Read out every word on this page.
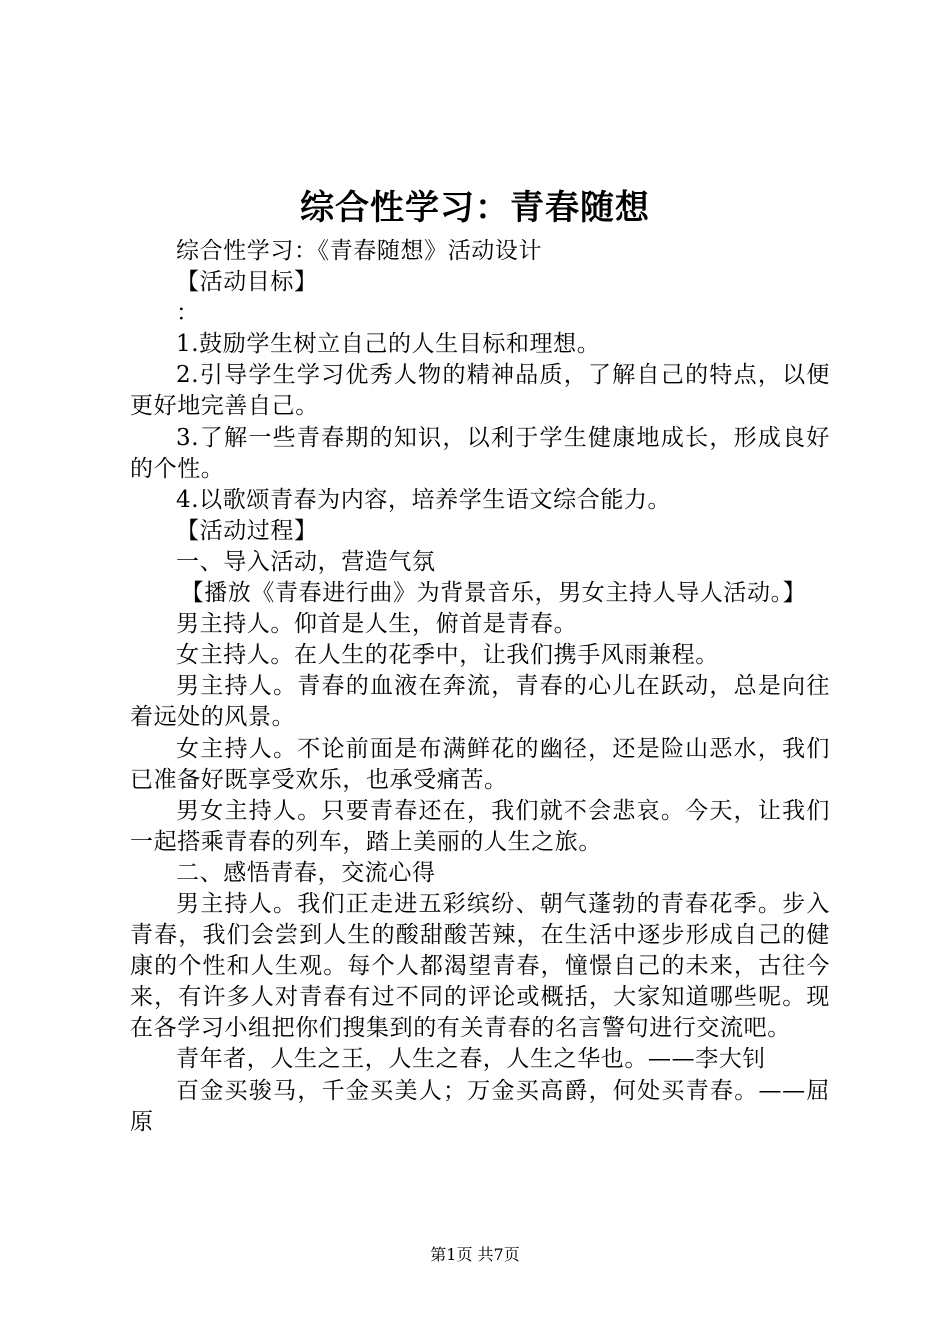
综合性学习：青春随想

综合性学习：《青春随想》活动设计

【活动目标】

：

1.鼓励学生树立自己的人生目标和理想。

2.引导学生学习优秀人物的精神品质，了解自己的特点，以便更好地完善自己。

3.了解一些青春期的知识，以利于学生健康地成长，形成良好的个性。

4.以歌颂青春为内容，培养学生语文综合能力。

【活动过程】

一、导入活动，营造气氛

【播放《青春进行曲》为背景音乐，男女主持人导人活动。】

男主持人。仰首是人生，俯首是青春。

女主持人。在人生的花季中，让我们携手风雨兼程。

男主持人。青春的血液在奔流，青春的心儿在跃动，总是向往着远处的风景。

女主持人。不论前面是布满鲜花的幽径，还是险山恶水，我们已准备好既享受欢乐，也承受痛苦。

男女主持人。只要青春还在，我们就不会悲哀。今天，让我们一起搭乘青春的列车，踏上美丽的人生之旅。

二、感悟青春，交流心得

男主持人。我们正走进五彩缤纷、朝气蓬勃的青春花季。步入青春，我们会尝到人生的酸甜酸苦辣，在生活中逐步形成自己的健康的个性和人生观。每个人都渴望青春，憧憬自己的未来，古往今来，有许多人对青春有过不同的评论或概括，大家知道哪些呢。现在各学习小组把你们搜集到的有关青春的名言警句进行交流吧。

青年者，人生之王，人生之春，人生之华也。——李大钊

百金买骏马，千金买美人；万金买高爵，何处买青春。——屈原

第1页 共7页
